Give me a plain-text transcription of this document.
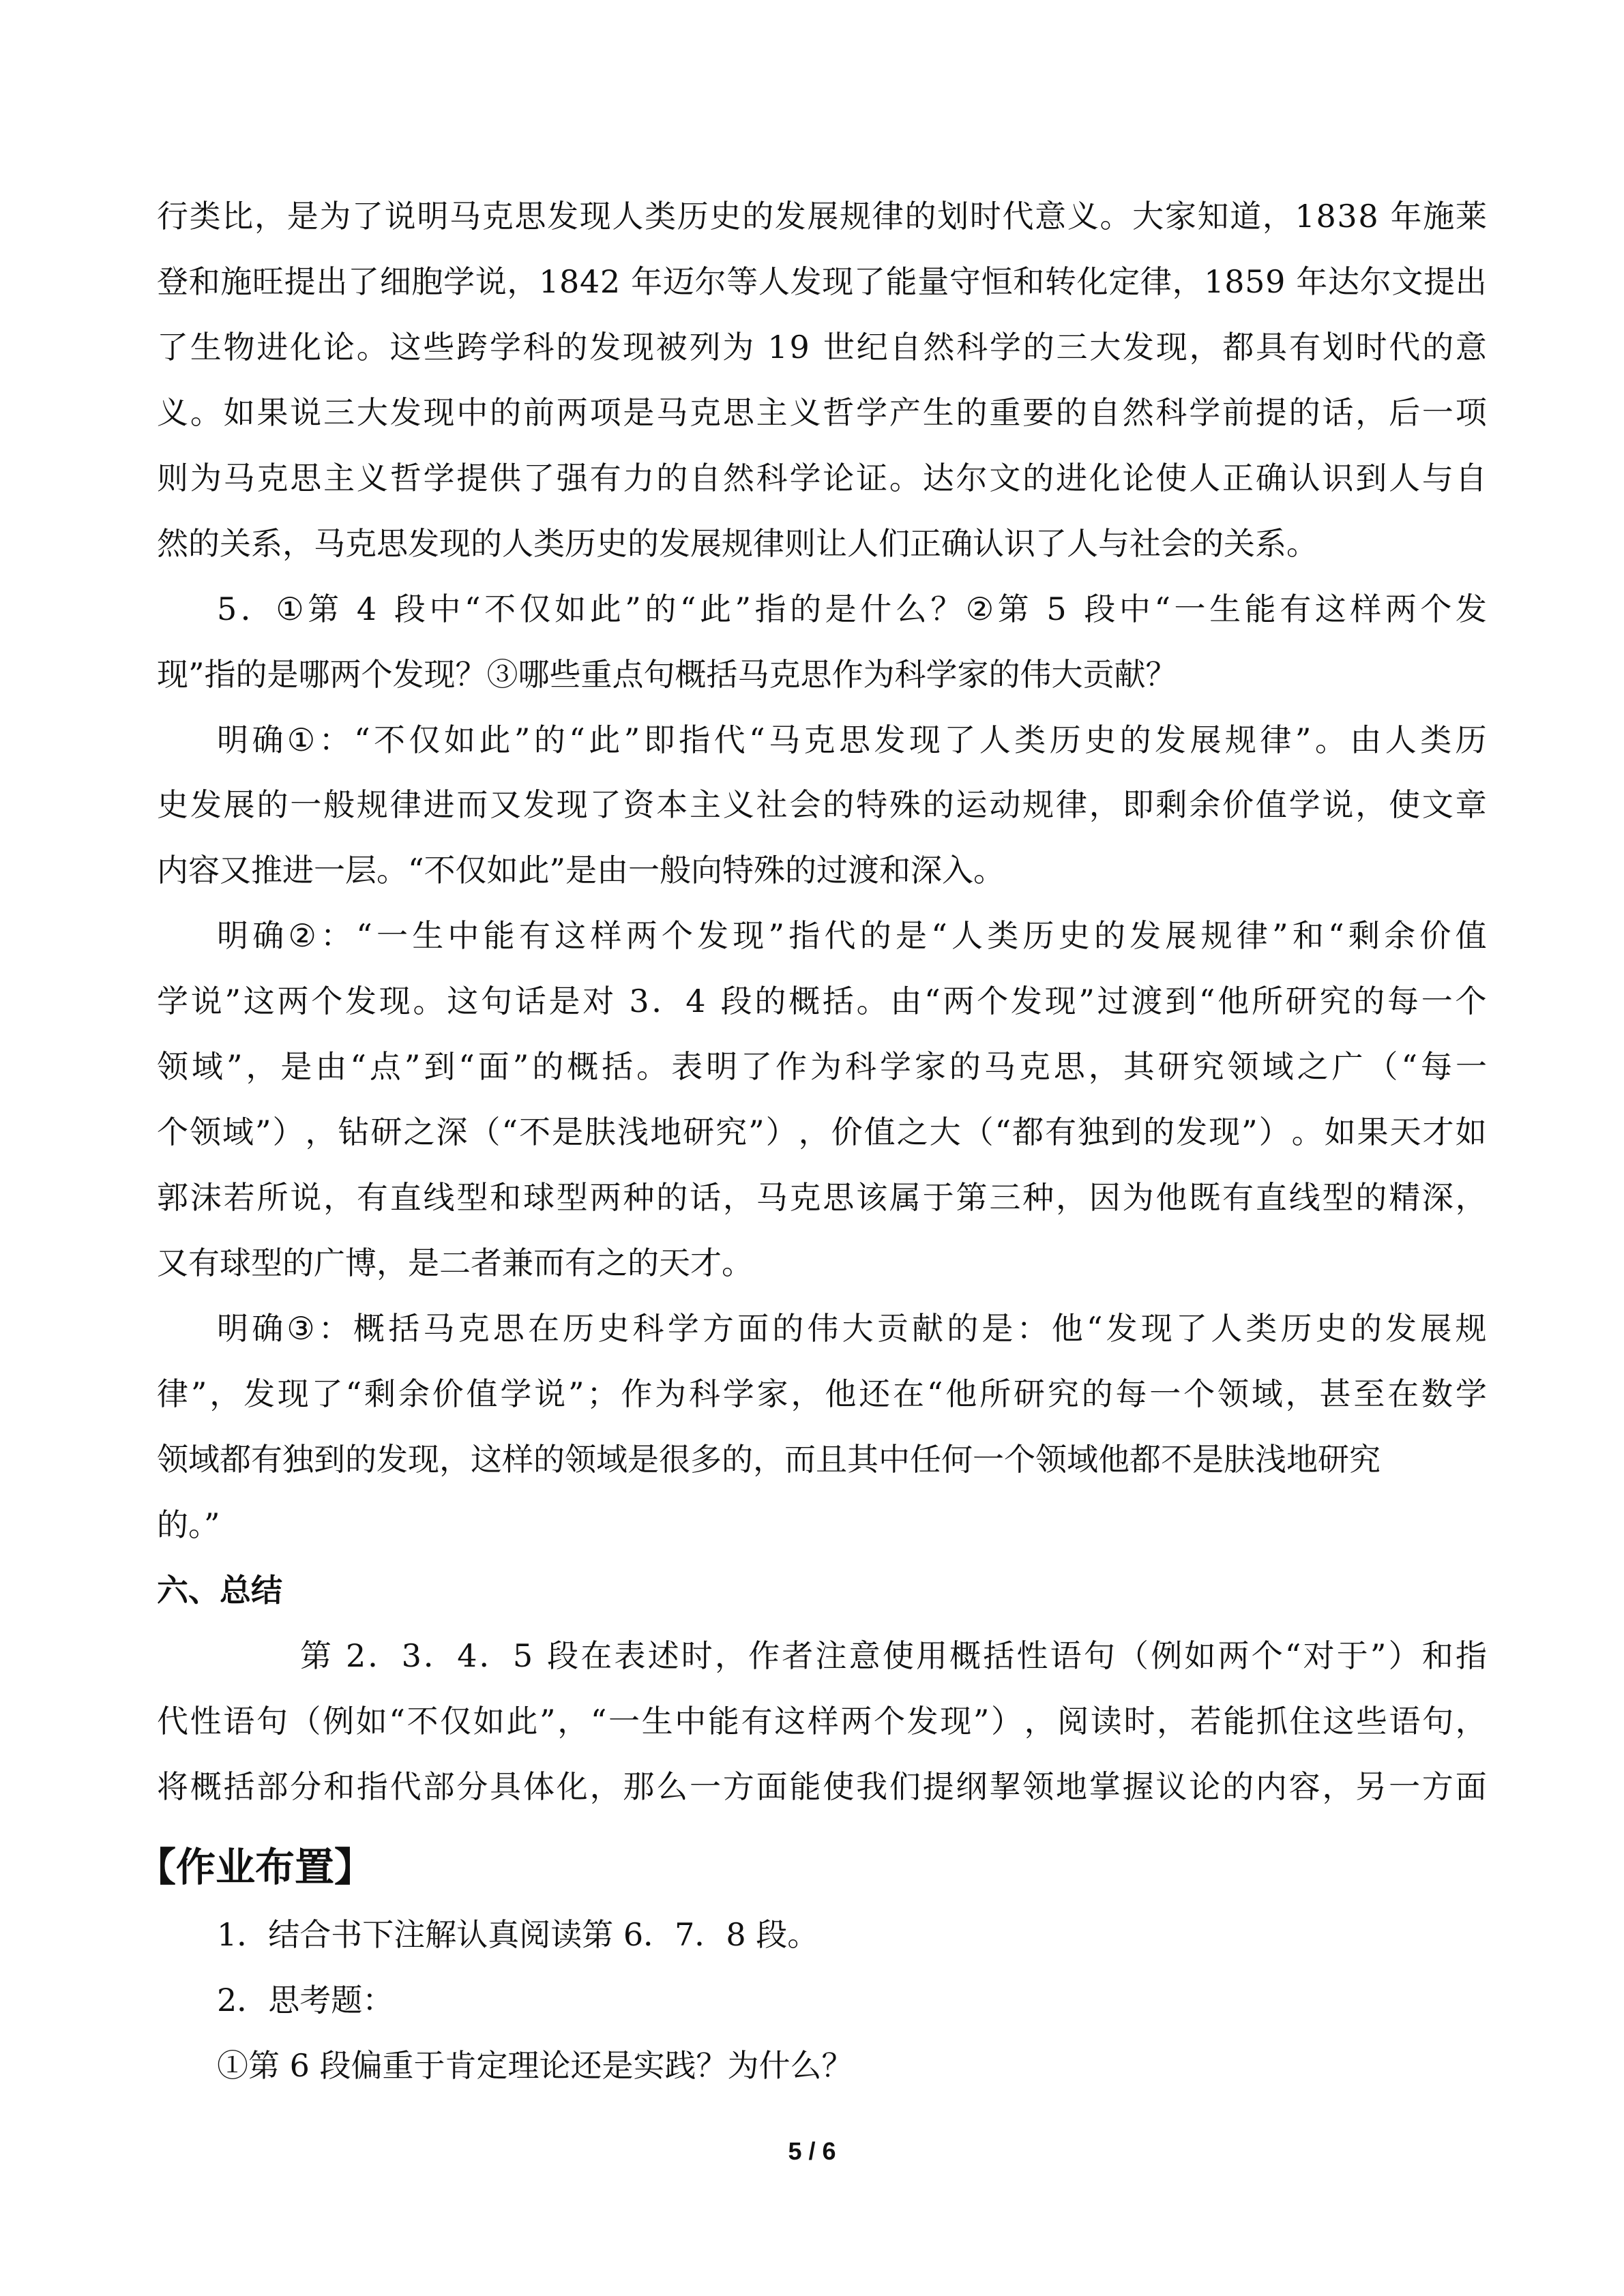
行 类 比 ， 是 为 了 说 明 马 克 思 发 现 人 类 历 史 的 发 展 规 律 的 划 时 代 意 义 。 大 家 知 道 ， 1 8 3 8
年 施 莱
登 和 施 旺 提 出 了 细 胞 学 说 ， 1 8 4 2
年 迈 尔 等 人 发 现 了 能 量 守 恒 和 转 化 定 律 ， 1 8 5 9
年 达 尔 文 提 出
了 生 物 进 化 论 。 这 些 跨 学 科 的 发 现 被 列 为
1 9
世 纪 自 然 科 学 的 三 大 发 现 ， 都 具 有 划 时 代 的 意
义 。 如 果 说 三 大 发 现 中 的 前 两 项 是 马 克 思 主 义 哲 学 产 生 的 重 要 的 自 然 科 学 前 提 的 话 ， 后 一 项
则 为 马 克 思 主 义 哲 学 提 供 了 强 有 力 的 自 然 科 学 论 证 。 达 尔 文 的 进 化 论 使 人 正 确 认 识 到 人 与 自
然的关系，马克思发现的人类历史的发展规律则让人们正确认识了人与社会的关系。
5 ． ① 第
4
段 中 “ 不 仅 如 此 ” 的 “ 此 ” 指 的 是 什 么 ？ ② 第
5
段 中 “ 一 生 能 有 这 样 两 个 发
现”指的是哪两个发现？③哪些重点句概括马克思作为科学家的伟大贡献？
明 确 ① ： “ 不 仅 如 此 ” 的 “ 此 ” 即 指 代 “ 马 克 思 发 现 了 人 类 历 史 的 发 展 规 律 ” 。 由 人 类 历
史 发 展 的 一 般 规 律 进 而 又 发 现 了 资 本 主 义 社 会 的 特 殊 的 运 动 规 律 ， 即 剩 余 价 值 学 说 ， 使 文 章
内容又推进一层。“不仅如此”是由一般向特殊的过渡和深入。
明 确 ② ： “ 一 生 中 能 有 这 样 两 个 发 现 ” 指 代 的 是 “ 人 类 历 史 的 发 展 规 律 ” 和 “ 剩 余 价 值
学 说 ” 这 两 个 发 现 。 这 句 话 是 对
3 ． 4
段 的 概 括 。 由 “ 两 个 发 现 ” 过 渡 到 “ 他 所 研 究 的 每 一 个
领 域 ” ， 是 由 “ 点 ” 到 “ 面 ” 的 概 括 。 表 明 了 作 为 科 学 家 的 马 克 思 ， 其 研 究 领 域 之 广 （ “ 每 一
个 领 域 ” ） ， 钻 研 之 深 （ “ 不 是 肤 浅 地 研 究 ” ） ， 价 值 之 大 （ “ 都 有 独 到 的 发 现 ” ） 。 如 果 天 才 如
郭 沫 若 所 说 ， 有 直 线 型 和 球 型 两 种 的 话 ， 马 克 思 该 属 于 第 三 种 ， 因 为 他 既 有 直 线 型 的 精 深 ，
又有球型的广博，是二者兼而有之的天才。
明 确 ③ ： 概 括 马 克 思 在 历 史 科 学 方 面 的 伟 大 贡 献 的 是 ： 他 “ 发 现 了 人 类 历 史 的 发 展 规
律 ” ， 发 现 了 “ 剩 余 价 值 学 说 ” ； 作 为 科 学 家 ， 他 还 在 “ 他 所 研 究 的 每 一 个 领 域 ， 甚 至 在 数 学
领域都有独到的发现，这样的领域是很多的，而且其中任何一个领域他都不是肤浅地研究
的。”
六、总结
第
2 ． 3 ． 4 ． 5
段 在 表 述 时 ， 作 者 注 意 使 用 概 括 性 语 句 （ 例 如 两 个 “ 对 于 ” ） 和 指
代 性 语 句 （ 例 如 “ 不 仅 如 此 ” ， “ 一 生 中 能 有 这 样 两 个 发 现 ” ） ， 阅 读 时 ， 若 能 抓 住 这 些 语 句 ，
将 概 括 部 分 和 指 代 部 分 具 体 化 ， 那 么 一 方 面 能 使 我 们 提 纲 挈 领 地 掌 握 议 论 的 内 容 ， 另 一 方 面
【作业布置】
1．结合书下注解认真阅读第 6．7．8 段。
2．思考题：
①第 6 段偏重于肯定理论还是实践？为什么？
5 / 6
